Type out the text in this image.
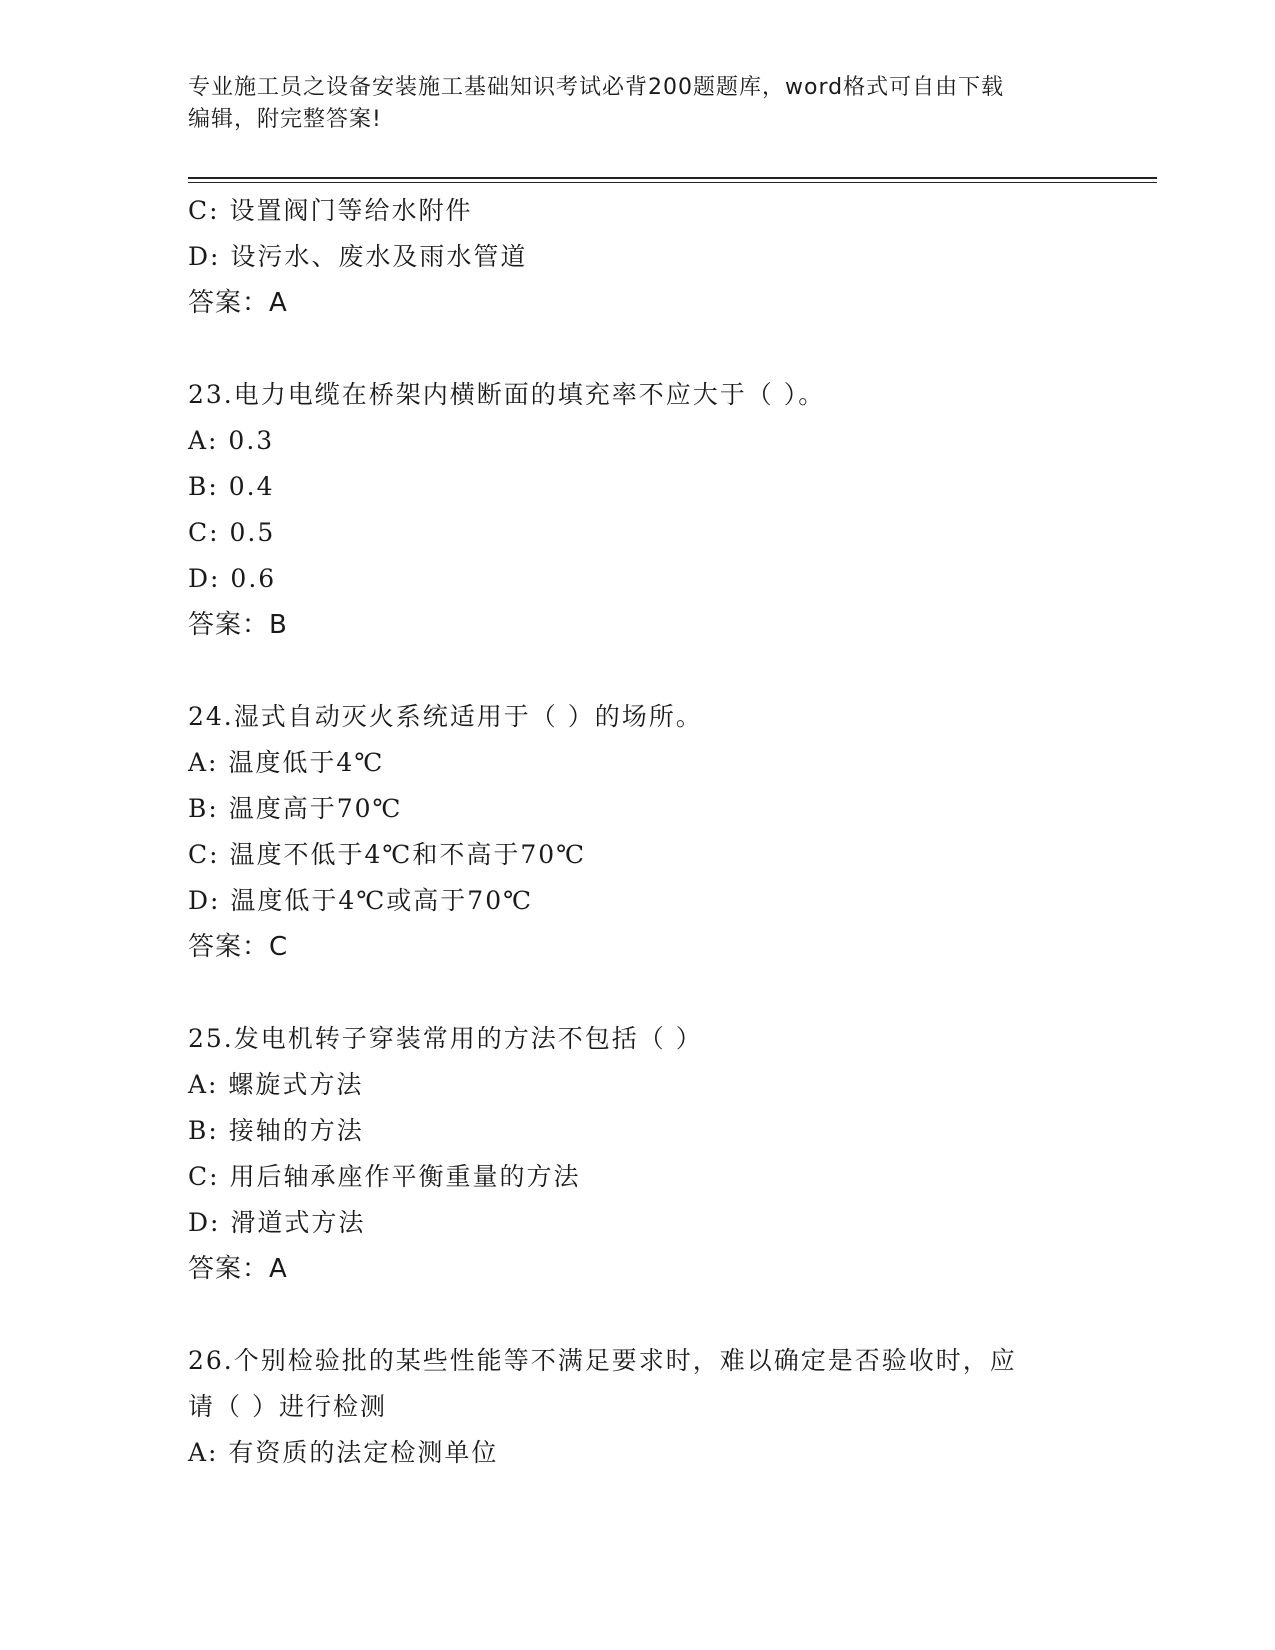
专业施工员之设备安装施工基础知识考试必背200题题库，word格式可自由下载
编辑，附完整答案!
C: 设置阀门等给水附件
D: 设污水、废水及雨水管道
答案：A
23.电力电缆在桥架内横断面的填充率不应大于（ ）。
A: 0.3
B: 0.4
C: 0.5
D: 0.6
答案：B
24.湿式自动灭火系统适用于（ ）的场所。
A: 温度低于4℃
B: 温度高于70℃
C: 温度不低于4℃和不高于70℃
D: 温度低于4℃或高于70℃
答案：C
25.发电机转子穿装常用的方法不包括（ ）
A: 螺旋式方法
B: 接轴的方法
C: 用后轴承座作平衡重量的方法
D: 滑道式方法
答案：A
26.个别检验批的某些性能等不满足要求时，难以确定是否验收时，应
请（ ）进行检测
A: 有资质的法定检测单位
